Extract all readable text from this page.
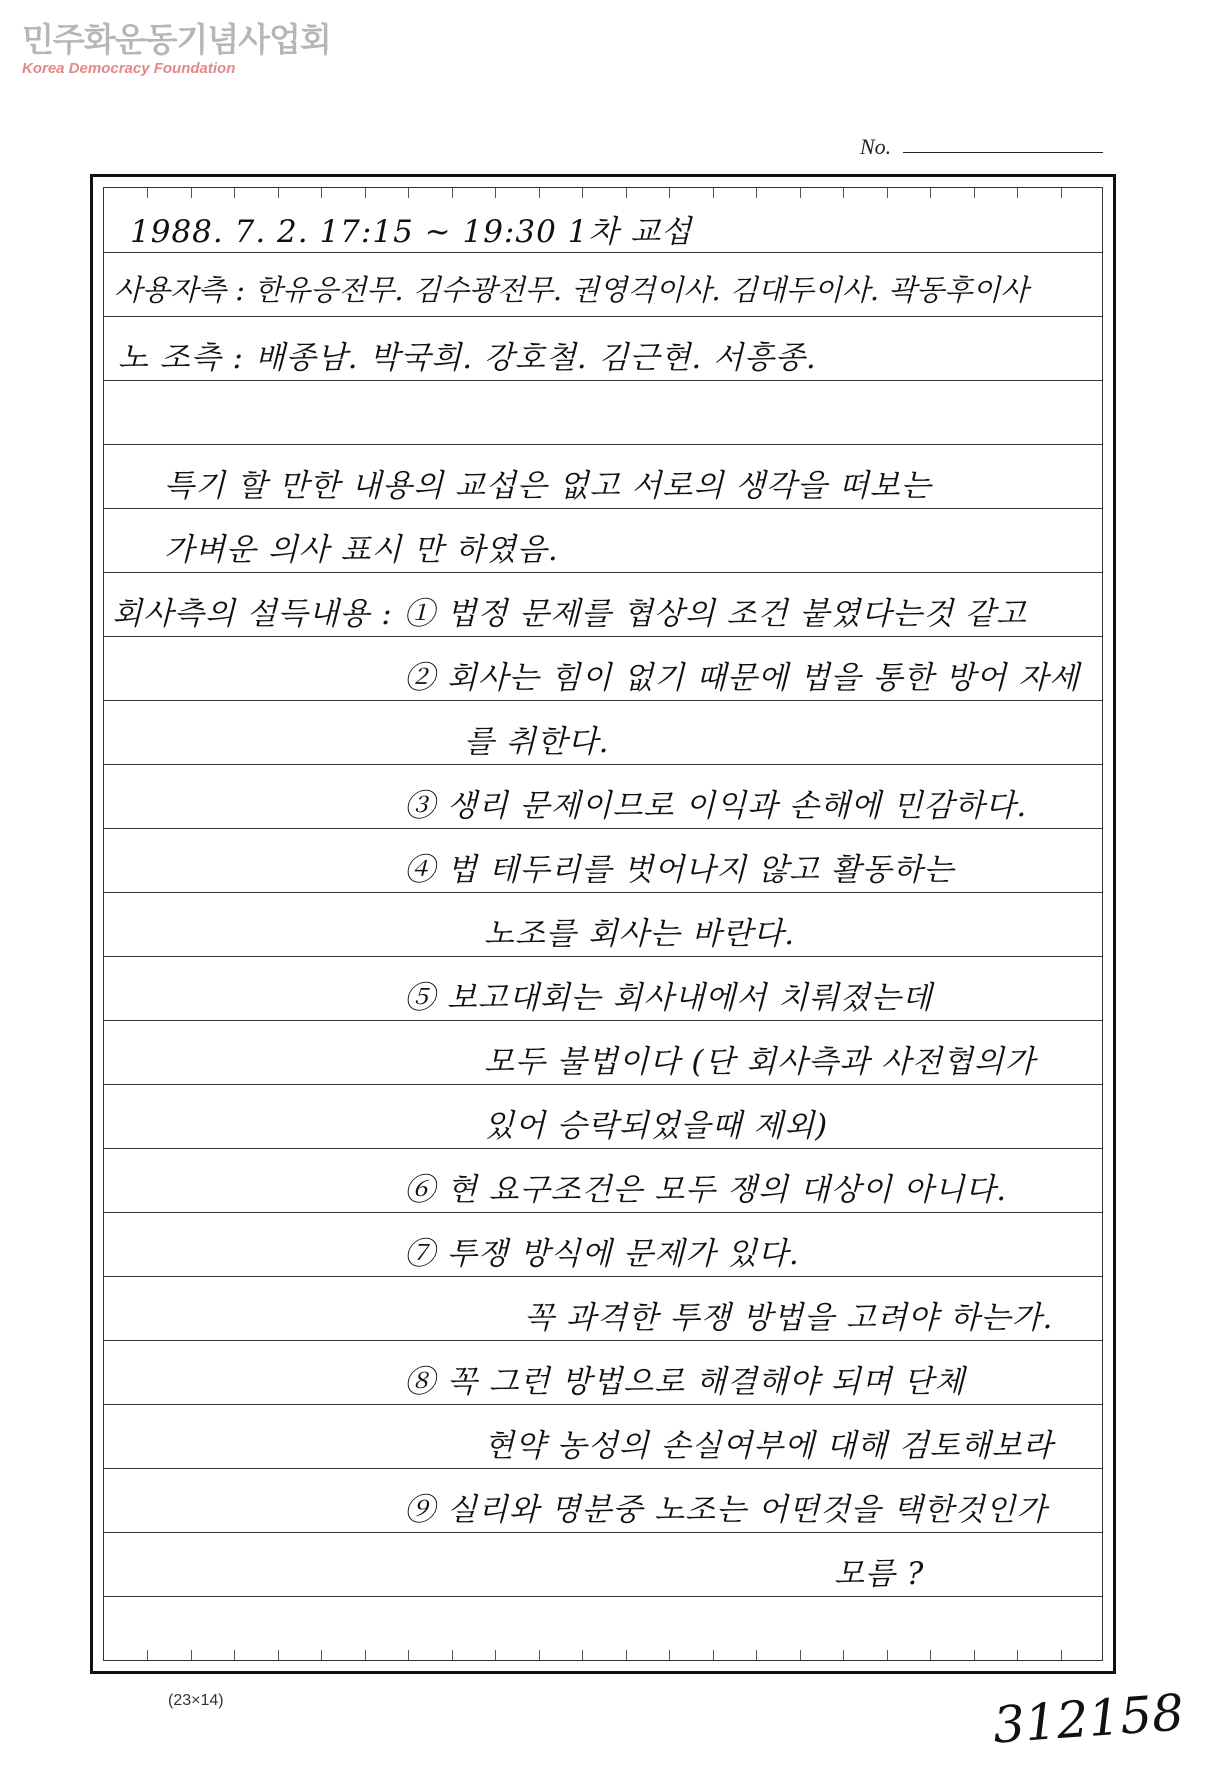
민주화운동기념사업회
Korea Democracy Foundation
No.
1988. 7. 2. 17:15 ~ 19:30 1차 교섭
사용자측 : 한유응전무. 김수광전무. 권영걱이사. 김대두이사. 곽동후이사
노 조측 : 배종남. 박국희. 강호철. 김근현. 서흥종.
특기 할 만한 내용의 교섭은 없고 서로의 생각을 떠보는
가벼운 의사 표시 만 하였음.
회사측의 설득내용 : ① 법정 문제를 협상의 조건 붙였다는것 같고
② 회사는 힘이 없기 때문에 법을 통한 방어 자세
를 취한다.
③ 생리 문제이므로 이익과 손해에 민감하다.
④ 법 테두리를 벗어나지 않고 활동하는
노조를 회사는 바란다.
⑤ 보고대회는 회사내에서 치뤄졌는데
모두 불법이다 (단 회사측과 사전협의가
있어 승락되었을때 제외)
⑥ 현 요구조건은 모두 쟁의 대상이 아니다.
⑦ 투쟁 방식에 문제가 있다.
꼭 과격한 투쟁 방법을 고려야 하는가.
⑧ 꼭 그런 방법으로 해결해야 되며 단체
현약 농성의 손실여부에 대해 검토해보라
⑨ 실리와 명분중 노조는 어떤것을 택한것인가
모름 ?
(23×14)	312158
